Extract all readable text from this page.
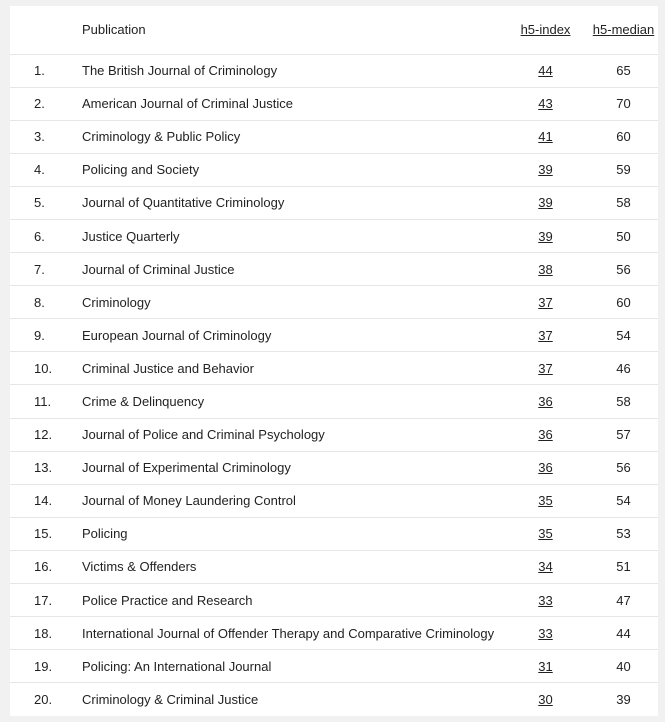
	Publication	h5-index	h5-median
1.	The British Journal of Criminology	44	65
2.	American Journal of Criminal Justice	43	70
3.	Criminology & Public Policy	41	60
4.	Policing and Society	39	59
5.	Journal of Quantitative Criminology	39	58
6.	Justice Quarterly	39	50
7.	Journal of Criminal Justice	38	56
8.	Criminology	37	60
9.	European Journal of Criminology	37	54
10.	Criminal Justice and Behavior	37	46
11.	Crime & Delinquency	36	58
12.	Journal of Police and Criminal Psychology	36	57
13.	Journal of Experimental Criminology	36	56
14.	Journal of Money Laundering Control	35	54
15.	Policing	35	53
16.	Victims & Offenders	34	51
17.	Police Practice and Research	33	47
18.	International Journal of Offender Therapy and Comparative Criminology	33	44
19.	Policing: An International Journal	31	40
20.	Criminology & Criminal Justice	30	39
